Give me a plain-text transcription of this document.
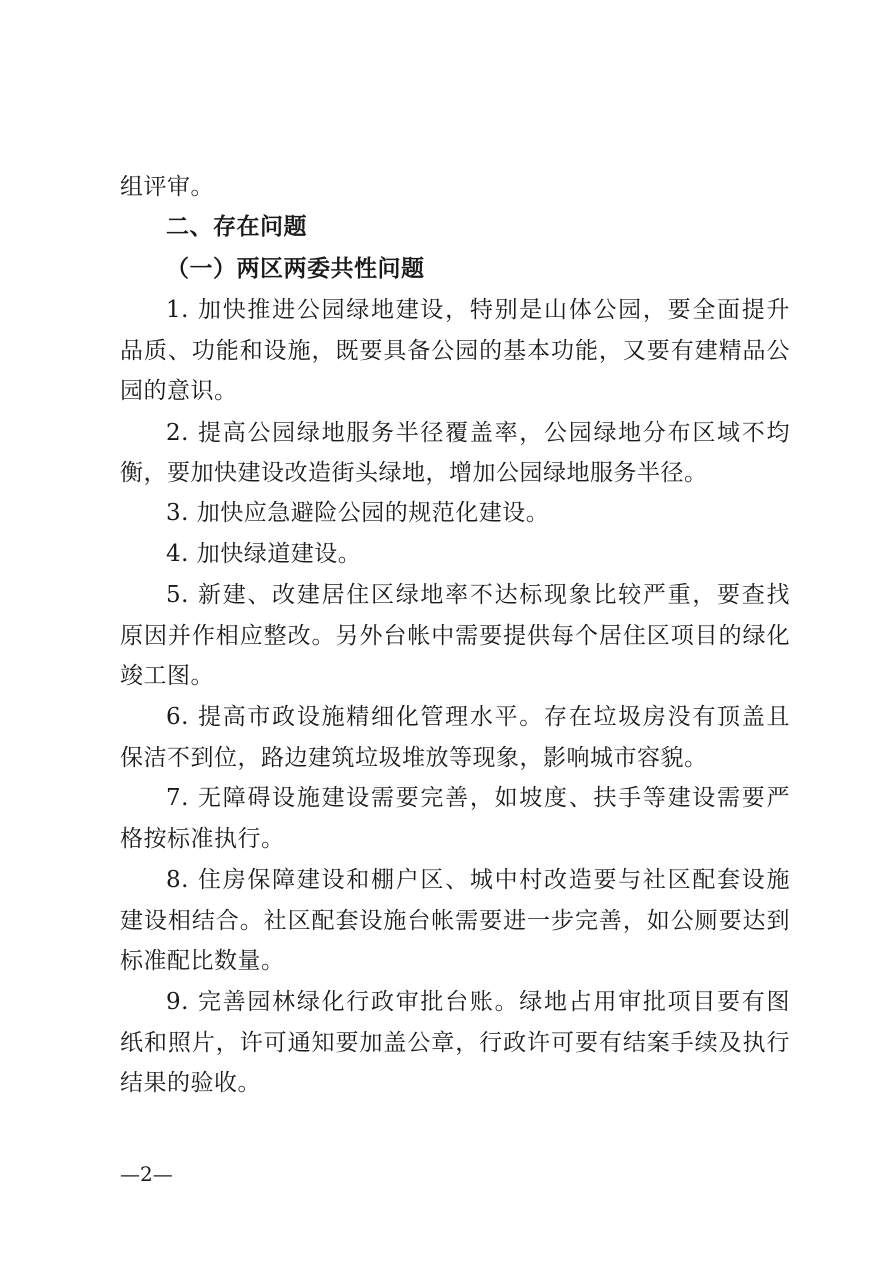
组评审。
二、存在问题
（一）两区两委共性问题
1. 加快推进公园绿地建设，特别是山体公园，要全面提升
品质、功能和设施，既要具备公园的基本功能，又要有建精品公
园的意识。
2. 提高公园绿地服务半径覆盖率，公园绿地分布区域不均
衡，要加快建设改造街头绿地，增加公园绿地服务半径。
3. 加快应急避险公园的规范化建设。
4. 加快绿道建设。
5. 新建、改建居住区绿地率不达标现象比较严重，要查找
原因并作相应整改。另外台帐中需要提供每个居住区项目的绿化
竣工图。
6. 提高市政设施精细化管理水平。存在垃圾房没有顶盖且
保洁不到位，路边建筑垃圾堆放等现象，影响城市容貌。
7. 无障碍设施建设需要完善，如坡度、扶手等建设需要严
格按标准执行。
8. 住房保障建设和棚户区、城中村改造要与社区配套设施
建设相结合。社区配套设施台帐需要进一步完善，如公厕要达到
标准配比数量。
9. 完善园林绿化行政审批台账。绿地占用审批项目要有图
纸和照片，许可通知要加盖公章，行政许可要有结案手续及执行
结果的验收。
—2—
